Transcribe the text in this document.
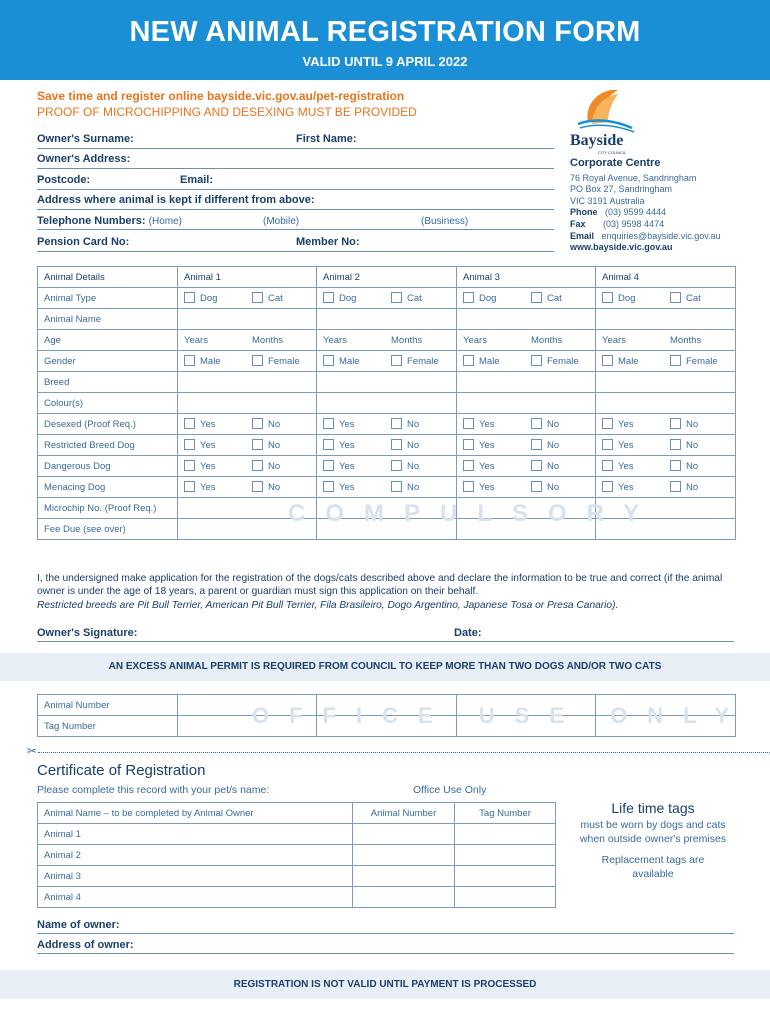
NEW ANIMAL REGISTRATION FORM
VALID UNTIL 9 APRIL 2022
Save time and register online bayside.vic.gov.au/pet-registration
PROOF OF MICROCHIPPING AND DESEXING MUST BE PROVIDED
Owner's Surname:	First Name:
Owner's Address:
Postcode:	Email:
Address where animal is kept if different from above:
Telephone Numbers: (Home)	(Mobile)	(Business)
Pension Card No:	Member No:
Bayside
CITY COUNCIL
Corporate Centre
76 Royal Avenue, Sandringham
PO Box 27, Sandringham
VIC 3191 Australia
Phone (03) 9599 4444
Fax (03) 9598 4474
Email enquiries@bayside.vic.gov.au
www.bayside.vic.gov.au
Animal Details	Animal 1	Animal 2	Animal 3	Animal 4
Animal Type	Dog Cat	Dog Cat	Dog Cat	Dog Cat
Animal Name				
Age	Years Months	Years Months	Years Months	Years Months
Gender	Male Female	Male Female	Male Female	Male Female
Breed				
Colour(s)				
Desexed (Proof Req.)	Yes No	Yes No	Yes No	Yes No
Restricted Breed Dog	Yes No	Yes No	Yes No	Yes No
Dangerous Dog	Yes No	Yes No	Yes No	Yes No
Menacing Dog	Yes No	Yes No	Yes No	Yes No
Microchip No. (Proof Req.)				
Fee Due (see over)				
COMPULSORY
I, the undersigned make application for the registration of the dogs/cats described above and declare the information to be true and correct (if the animal owner is under the age of 18 years, a parent or guardian must sign this application on their behalf.
Restricted breeds are Pit Bull Terrier, American Pit Bull Terrier, Fila Brasileiro, Dogo Argentino, Japanese Tosa or Presa Canario).
Owner's Signature:	Date:
AN EXCESS ANIMAL PERMIT IS REQUIRED FROM COUNCIL TO KEEP MORE THAN TWO DOGS AND/OR TWO CATS
Animal Number				
Tag Number					OFFICE USE ONLY
✂
Certificate of Registration
Please complete this record with your pet/s name:	Office Use Only
Animal Name – to be completed by Animal Owner	Animal Number	Tag Number
Animal 1		
Animal 2		
Animal 3		
Animal 4		
Life time tags
must be worn by dogs and cats when outside owner's premises
Replacement tags are available
Name of owner:
Address of owner:
REGISTRATION IS NOT VALID UNTIL PAYMENT IS PROCESSED
